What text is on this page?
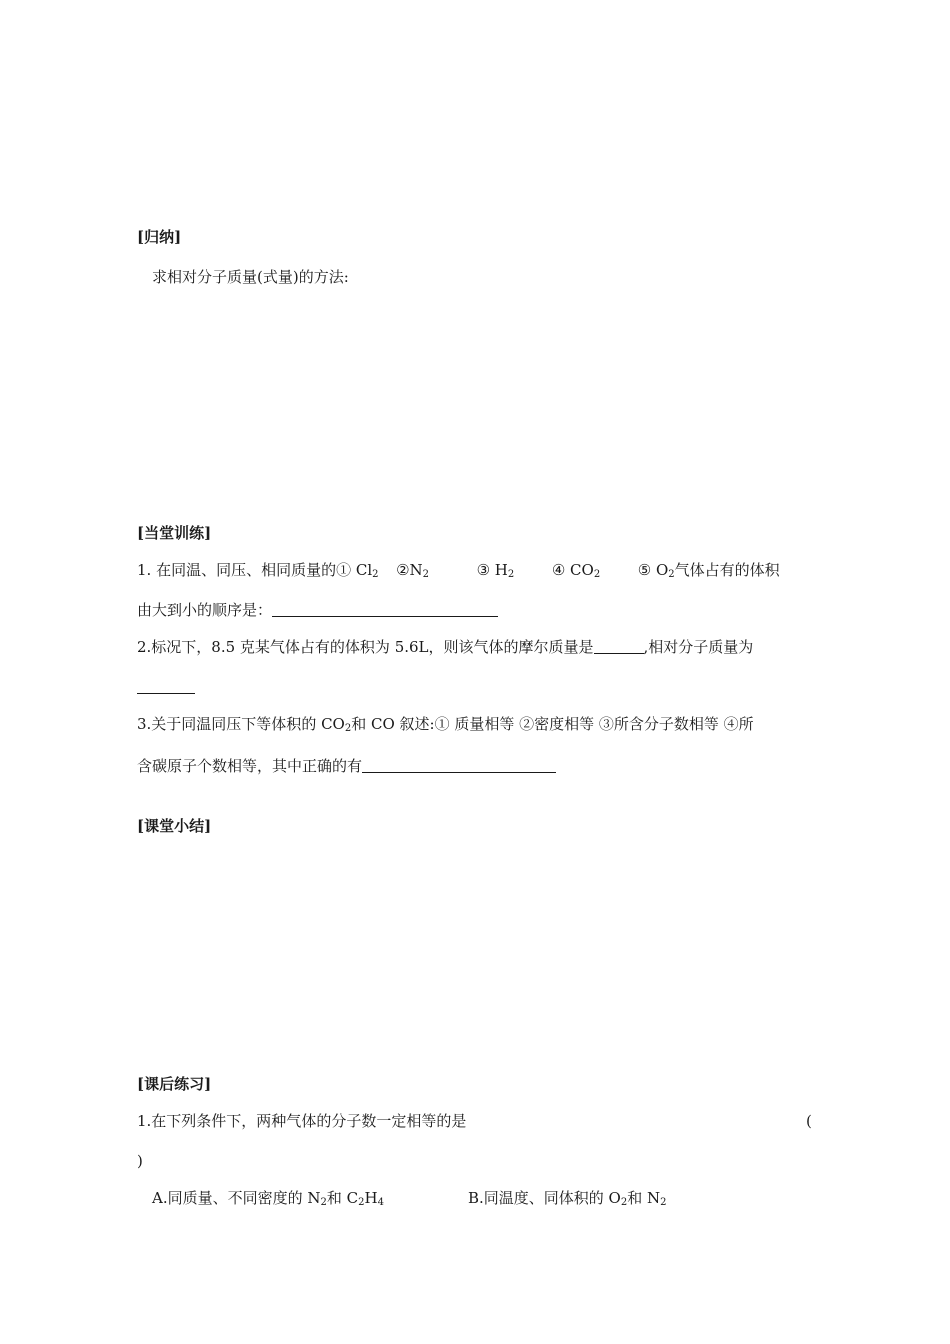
[归纳]
求相对分子质量(式量)的方法:
[当堂训练]
1. 在同温、同压、相同质量的① $Cl_2$ $②N_2$	③ $H_2$	④ $CO_2$	⑤ $O_2$气体占有的体积
由大到小的顺序是：
2.标况下，8.5 克某气体占有的体积为 5.6L，则该气体的摩尔质量是	,相对分子质量为
3.关于同温同压下等体积的 $CO_2$和 CO 叙述:① 质量相等 ②密度相等 ③所含分子数相等 ④所
含碳原子个数相等，其中正确的有
[课堂小结]
[课后练习]
1.在下列条件下，两种气体的分子数一定相等的是	(
)
A.同质量、不同密度的 $N_2$和 $C_2H_4$	B.同温度、同体积的 $O_2$和 $N_2$
